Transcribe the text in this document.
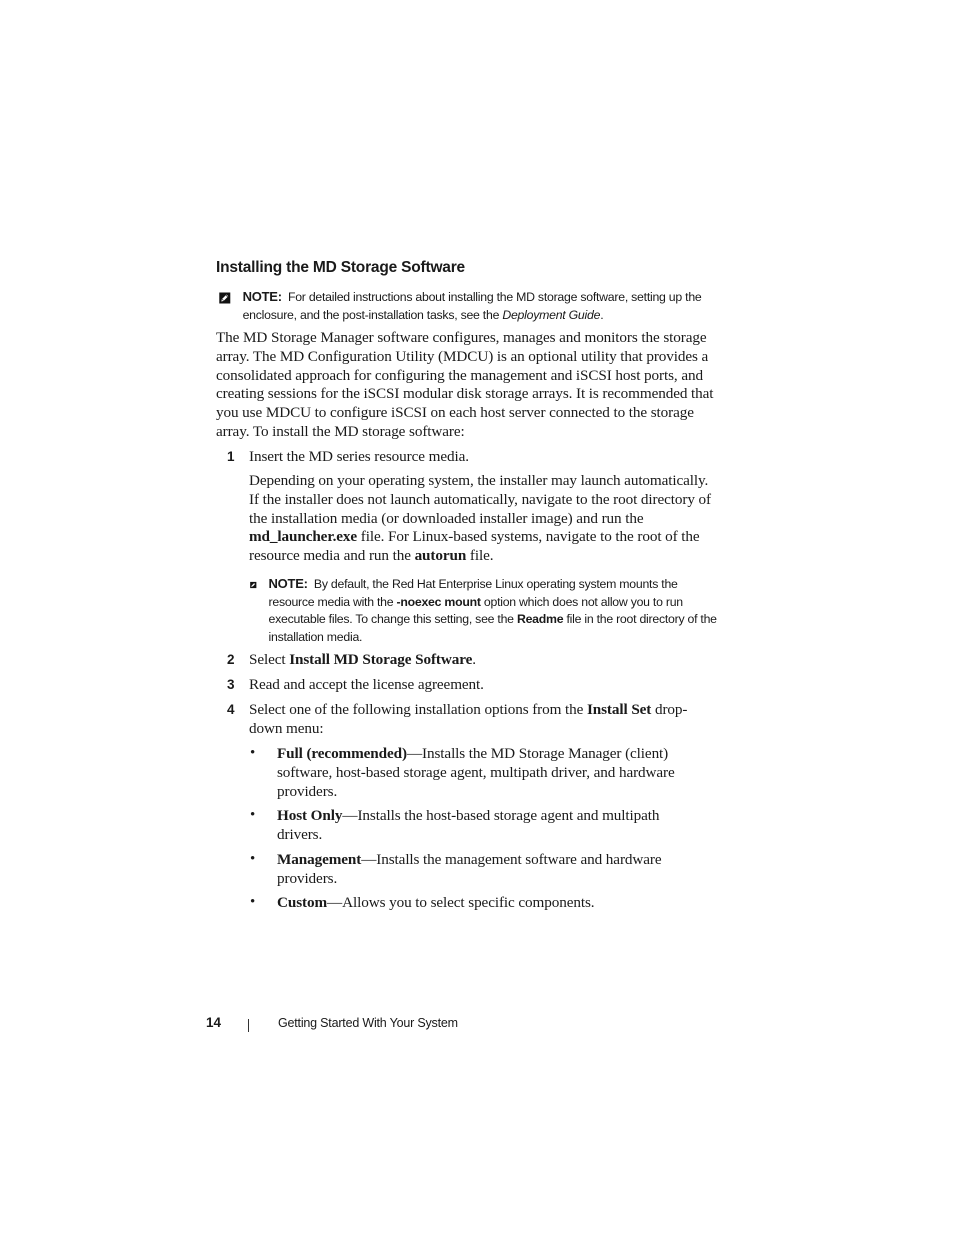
Installing the MD Storage Software
NOTE: For detailed instructions about installing the MD storage software, setting up the enclosure, and the post-installation tasks, see the Deployment Guide.

The MD Storage Manager software configures, manages and monitors the storage array. The MD Configuration Utility (MDCU) is an optional utility that provides a consolidated approach for configuring the management and iSCSI host ports, and creating sessions for the iSCSI modular disk storage arrays. It is recommended that you use MDCU to configure iSCSI on each host server connected to the storage array. To install the MD storage software:

1 Insert the MD series resource media.

Depending on your operating system, the installer may launch automatically. If the installer does not launch automatically, navigate to the root directory of the installation media (or downloaded installer image) and run the md_launcher.exe file. For Linux-based systems, navigate to the root of the resource media and run the autorun file.

NOTE: By default, the Red Hat Enterprise Linux operating system mounts the resource media with the -noexec mount option which does not allow you to run executable files. To change this setting, see the Readme file in the root directory of the installation media.
2 Select Install MD Storage Software.
3 Read and accept the license agreement.
4 Select one of the following installation options from the Install Set drop-down menu:
• Full (recommended)—Installs the MD Storage Manager (client) software, host-based storage agent, multipath driver, and hardware providers.
• Host Only—Installs the host-based storage agent and multipath drivers.
• Management—Installs the management software and hardware providers.
• Custom—Allows you to select specific components.
14	Getting Started With Your System
